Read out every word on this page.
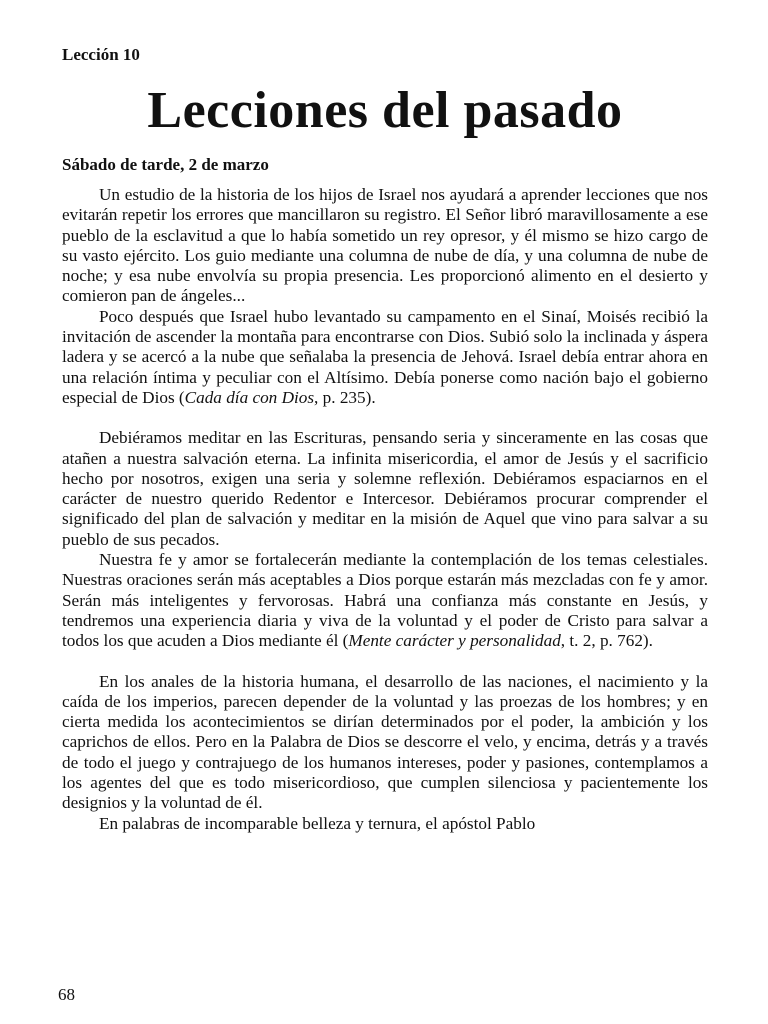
Lección 10
Lecciones del pasado
Sábado de tarde, 2 de marzo

Un estudio de la historia de los hijos de Israel nos ayudará a aprender lecciones que nos evitarán repetir los errores que mancillaron su registro. El Señor libró maravillosamente a ese pueblo de la esclavitud a que lo había sometido un rey opresor, y él mismo se hizo cargo de su vasto ejército. Los guio mediante una columna de nube de día, y una columna de nube de noche; y esa nube envolvía su propia presencia. Les proporcionó alimento en el desierto y comieron pan de ángeles...

Poco después que Israel hubo levantado su campamento en el Sinaí, Moisés recibió la invitación de ascender la montaña para encontrarse con Dios. Subió solo la inclinada y áspera ladera y se acercó a la nube que señalaba la presencia de Jehová. Israel debía entrar ahora en una relación íntima y peculiar con el Altísimo. Debía ponerse como nación bajo el gobierno especial de Dios (Cada día con Dios, p. 235).

Debiéramos meditar en las Escrituras, pensando seria y sinceramente en las cosas que atañen a nuestra salvación eterna. La infinita misericordia, el amor de Jesús y el sacrificio hecho por nosotros, exigen una seria y solemne reflexión. Debiéramos espaciarnos en el carácter de nuestro querido Redentor e Intercesor. Debiéramos procurar comprender el significado del plan de salvación y meditar en la misión de Aquel que vino para salvar a su pueblo de sus pecados.

Nuestra fe y amor se fortalecerán mediante la contemplación de los temas celestiales. Nuestras oraciones serán más aceptables a Dios porque estarán más mezcladas con fe y amor. Serán más inteligentes y fervorosas. Habrá una confianza más constante en Jesús, y tendremos una experiencia diaria y viva de la voluntad y el poder de Cristo para salvar a todos los que acuden a Dios mediante él (Mente carácter y personalidad, t. 2, p. 762).

En los anales de la historia humana, el desarrollo de las naciones, el nacimiento y la caída de los imperios, parecen depender de la voluntad y las proezas de los hombres; y en cierta medida los acontecimientos se dirían determinados por el poder, la ambición y los caprichos de ellos. Pero en la Palabra de Dios se descorre el velo, y encima, detrás y a través de todo el juego y contrajuego de los humanos intereses, poder y pasiones, contemplamos a los agentes del que es todo misericordioso, que cumplen silenciosa y pacientemente los designios y la voluntad de él.

En palabras de incomparable belleza y ternura, el apóstol Pablo

68
